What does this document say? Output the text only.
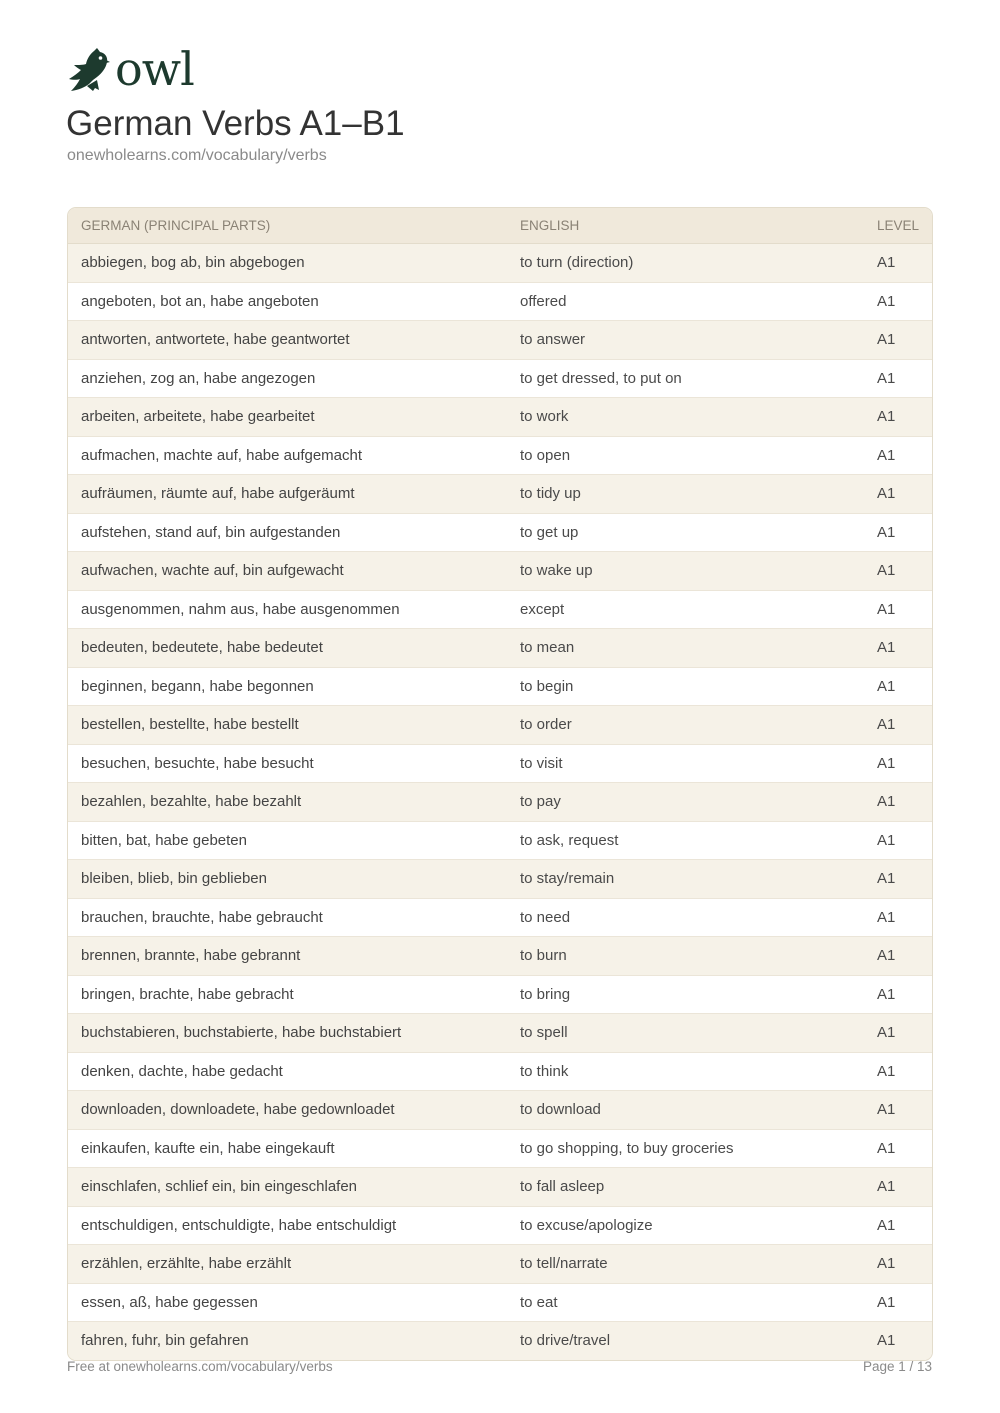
owl
German Verbs A1–B1
onewholearns.com/vocabulary/verbs
GERMAN (PRINCIPAL PARTS)	ENGLISH	LEVEL
abbiegen, bog ab, bin abgebogen	to turn (direction)	A1
angeboten, bot an, habe angeboten	offered	A1
antworten, antwortete, habe geantwortet	to answer	A1
anziehen, zog an, habe angezogen	to get dressed, to put on	A1
arbeiten, arbeitete, habe gearbeitet	to work	A1
aufmachen, machte auf, habe aufgemacht	to open	A1
aufräumen, räumte auf, habe aufgeräumt	to tidy up	A1
aufstehen, stand auf, bin aufgestanden	to get up	A1
aufwachen, wachte auf, bin aufgewacht	to wake up	A1
ausgenommen, nahm aus, habe ausgenommen	except	A1
bedeuten, bedeutete, habe bedeutet	to mean	A1
beginnen, begann, habe begonnen	to begin	A1
bestellen, bestellte, habe bestellt	to order	A1
besuchen, besuchte, habe besucht	to visit	A1
bezahlen, bezahlte, habe bezahlt	to pay	A1
bitten, bat, habe gebeten	to ask, request	A1
bleiben, blieb, bin geblieben	to stay/remain	A1
brauchen, brauchte, habe gebraucht	to need	A1
brennen, brannte, habe gebrannt	to burn	A1
bringen, brachte, habe gebracht	to bring	A1
buchstabieren, buchstabierte, habe buchstabiert	to spell	A1
denken, dachte, habe gedacht	to think	A1
downloaden, downloadete, habe gedownloadet	to download	A1
einkaufen, kaufte ein, habe eingekauft	to go shopping, to buy groceries	A1
einschlafen, schlief ein, bin eingeschlafen	to fall asleep	A1
entschuldigen, entschuldigte, habe entschuldigt	to excuse/apologize	A1
erzählen, erzählte, habe erzählt	to tell/narrate	A1
essen, aß, habe gegessen	to eat	A1
fahren, fuhr, bin gefahren	to drive/travel	A1
Free at onewholearns.com/vocabulary/verbs	Page 1 / 13
